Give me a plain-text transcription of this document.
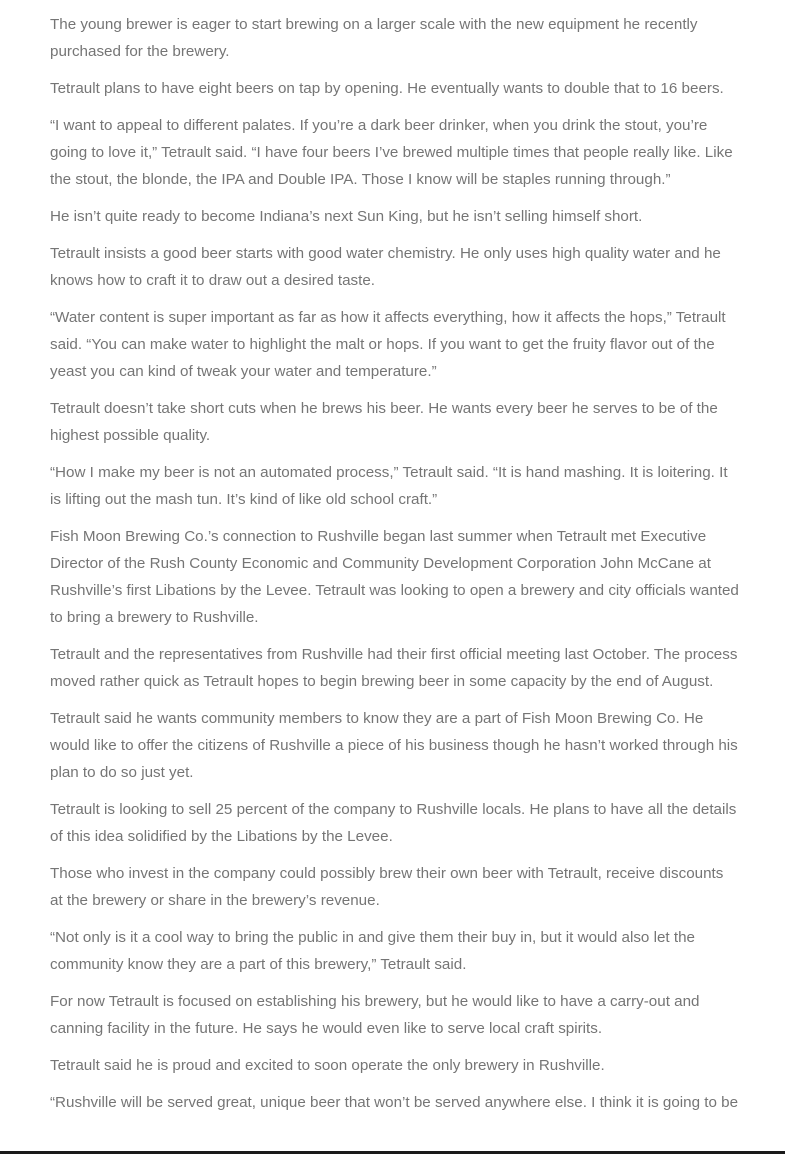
The young brewer is eager to start brewing on a larger scale with the new equipment he recently purchased for the brewery.

Tetrault plans to have eight beers on tap by opening. He eventually wants to double that to 16 beers.

“I want to appeal to different palates. If you’re a dark beer drinker, when you drink the stout, you’re going to love it,” Tetrault said. “I have four beers I’ve brewed multiple times that people really like. Like the stout, the blonde, the IPA and Double IPA. Those I know will be staples running through.”

He isn’t quite ready to become Indiana’s next Sun King, but he isn’t selling himself short.

Tetrault insists a good beer starts with good water chemistry. He only uses high quality water and he knows how to craft it to draw out a desired taste.

“Water content is super important as far as how it affects everything, how it affects the hops,” Tetrault said. “You can make water to highlight the malt or hops. If you want to get the fruity flavor out of the yeast you can kind of tweak your water and temperature.”

Tetrault doesn’t take short cuts when he brews his beer. He wants every beer he serves to be of the highest possible quality.

“How I make my beer is not an automated process,” Tetrault said. “It is hand mashing. It is loitering. It is lifting out the mash tun. It’s kind of like old school craft.”

Fish Moon Brewing Co.’s connection to Rushville began last summer when Tetrault met Executive Director of the Rush County Economic and Community Development Corporation John McCane at Rushville’s first Libations by the Levee. Tetrault was looking to open a brewery and city officials wanted to bring a brewery to Rushville.

Tetrault and the representatives from Rushville had their first official meeting last October. The process moved rather quick as Tetrault hopes to begin brewing beer in some capacity by the end of August.

Tetrault said he wants community members to know they are a part of Fish Moon Brewing Co. He would like to offer the citizens of Rushville a piece of his business though he hasn’t worked through his plan to do so just yet.

Tetrault is looking to sell 25 percent of the company to Rushville locals. He plans to have all the details of this idea solidified by the Libations by the Levee.

Those who invest in the company could possibly brew their own beer with Tetrault, receive discounts at the brewery or share in the brewery’s revenue.

“Not only is it a cool way to bring the public in and give them their buy in, but it would also let the community know they are a part of this brewery,” Tetrault said.

For now Tetrault is focused on establishing his brewery, but he would like to have a carry-out and canning facility in the future. He says he would even like to serve local craft spirits.

Tetrault said he is proud and excited to soon operate the only brewery in Rushville.

“Rushville will be served great, unique beer that won’t be served anywhere else. I think it is going to be
